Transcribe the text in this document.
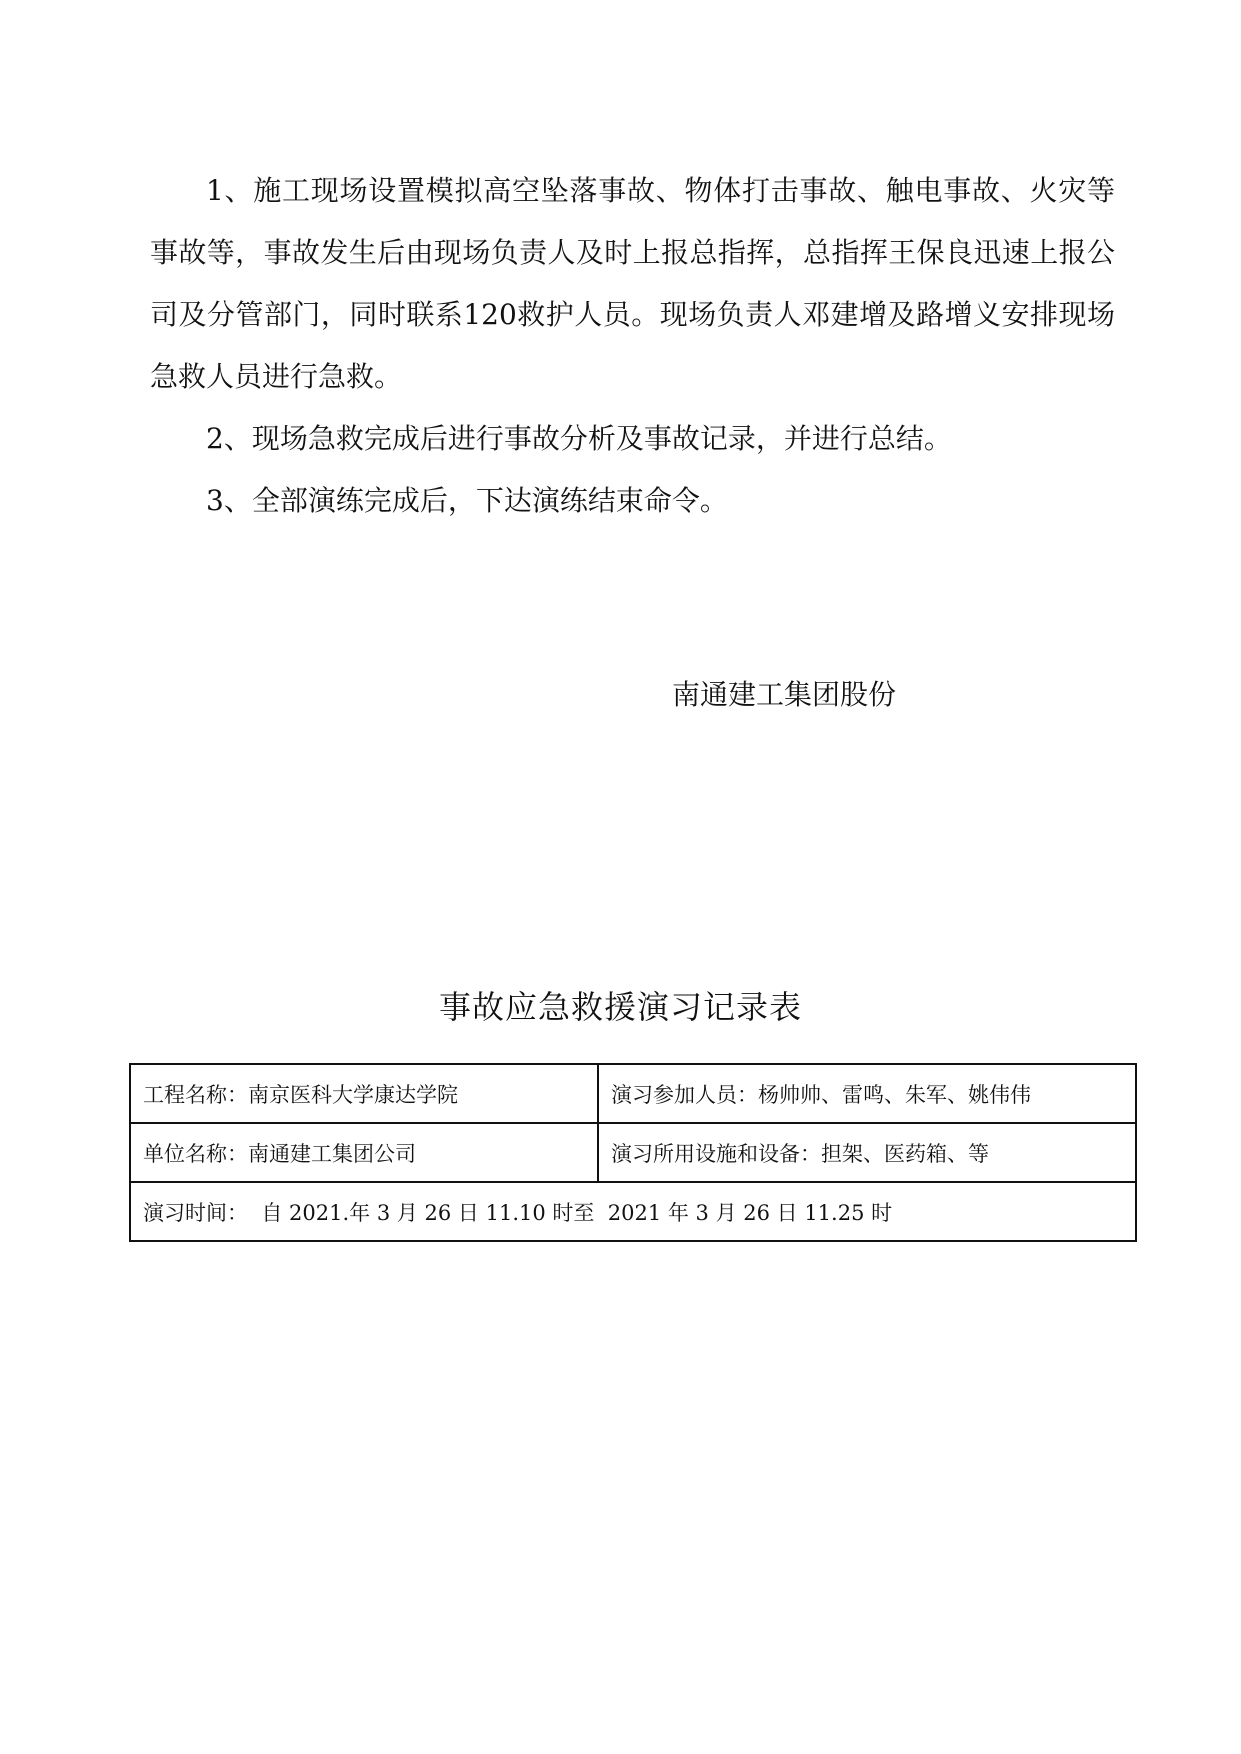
1、施工现场设置模拟高空坠落事故、物体打击事故、触电事故、火灾等事故等，事故发生后由现场负责人及时上报总指挥，总指挥王保良迅速上报公司及分管部门，同时联系120救护人员。现场负责人邓建增及路增义安排现场急救人员进行急救。

2、现场急救完成后进行事故分析及事故记录，并进行总结。

3、全部演练完成后，下达演练结束命令。

南通建工集团股份
事故应急救援演习记录表
工程名称：南京医科大学康达学院	演习参加人员：杨帅帅、雷鸣、朱军、姚伟伟
单位名称：南通建工集团公司	演习所用设施和设备：担架、医药箱、等
演习时间：  自 2021.年 3 月 26 日 11.10 时至  2021 年 3 月 26 日 11.25 时	
